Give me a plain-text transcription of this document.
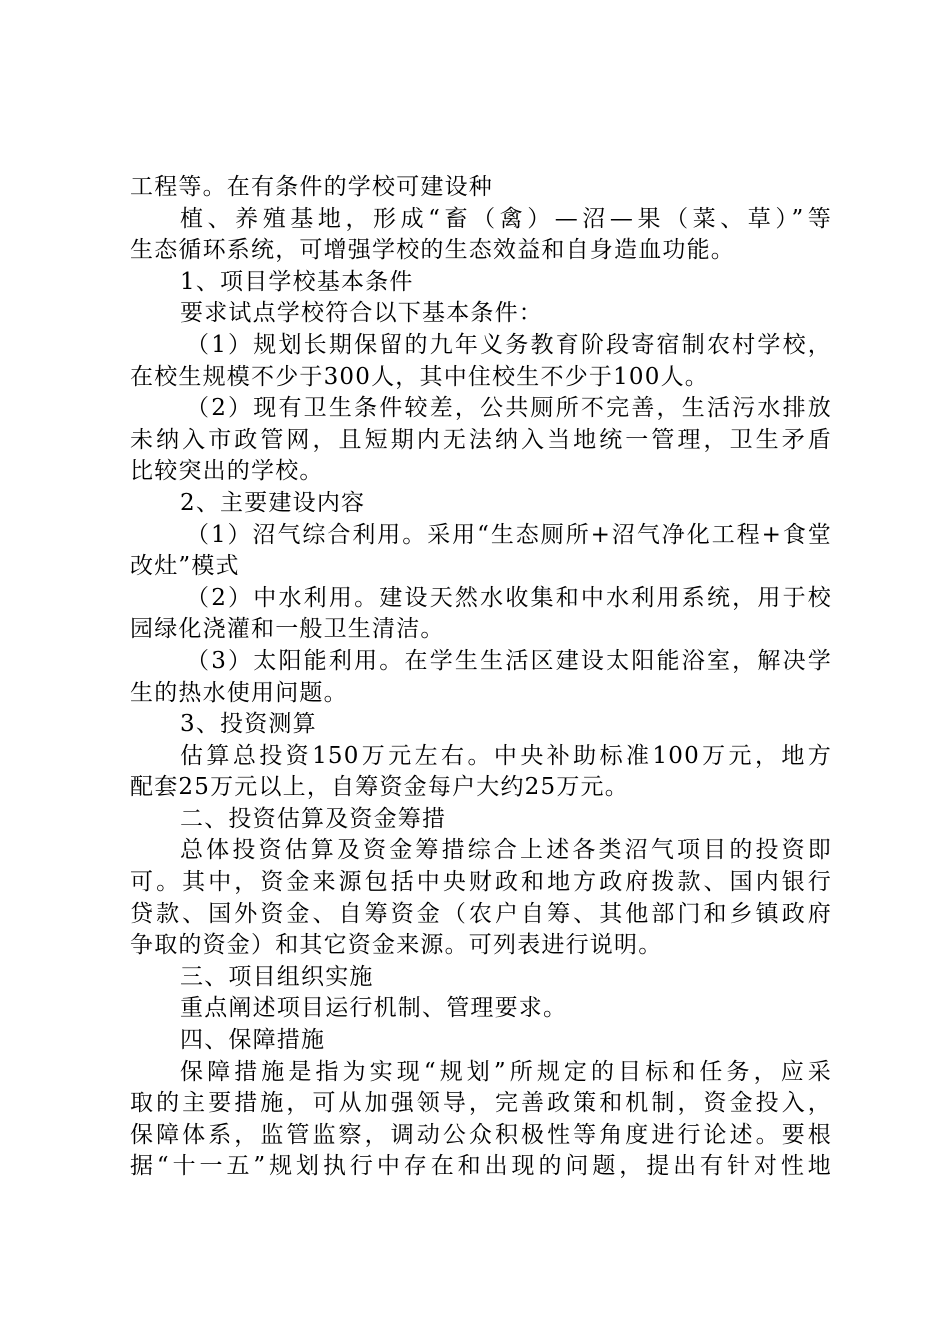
工程等。在有条件的学校可建设种
植、养殖基地，形成“畜（禽）—沼—果（菜、草）”等
生态循环系统，可增强学校的生态效益和自身造血功能。
1、项目学校基本条件
要求试点学校符合以下基本条件：
（1）规划长期保留的九年义务教育阶段寄宿制农村学校，
在校生规模不少于300人，其中住校生不少于100人。
（2）现有卫生条件较差，公共厕所不完善，生活污水排放
未纳入市政管网，且短期内无法纳入当地统一管理，卫生矛盾
比较突出的学校。
2、主要建设内容
（1）沼气综合利用。采用“生态厕所+沼气净化工程+食堂
改灶”模式
（2）中水利用。建设天然水收集和中水利用系统，用于校
园绿化浇灌和一般卫生清洁。
（3）太阳能利用。在学生生活区建设太阳能浴室，解决学
生的热水使用问题。
3、投资测算
估算总投资150万元左右。中央补助标准100万元，地方
配套25万元以上，自筹资金每户大约25万元。
二、投资估算及资金筹措
总体投资估算及资金筹措综合上述各类沼气项目的投资即
可。其中，资金来源包括中央财政和地方政府拨款、国内银行
贷款、国外资金、自筹资金（农户自筹、其他部门和乡镇政府
争取的资金）和其它资金来源。可列表进行说明。
三、项目组织实施
重点阐述项目运行机制、管理要求。
四、保障措施
保障措施是指为实现“规划”所规定的目标和任务，应采
取的主要措施，可从加强领导，完善政策和机制，资金投入，
保障体系，监管监察，调动公众积极性等角度进行论述。要根
据“十一五”规划执行中存在和出现的问题，提出有针对性地
